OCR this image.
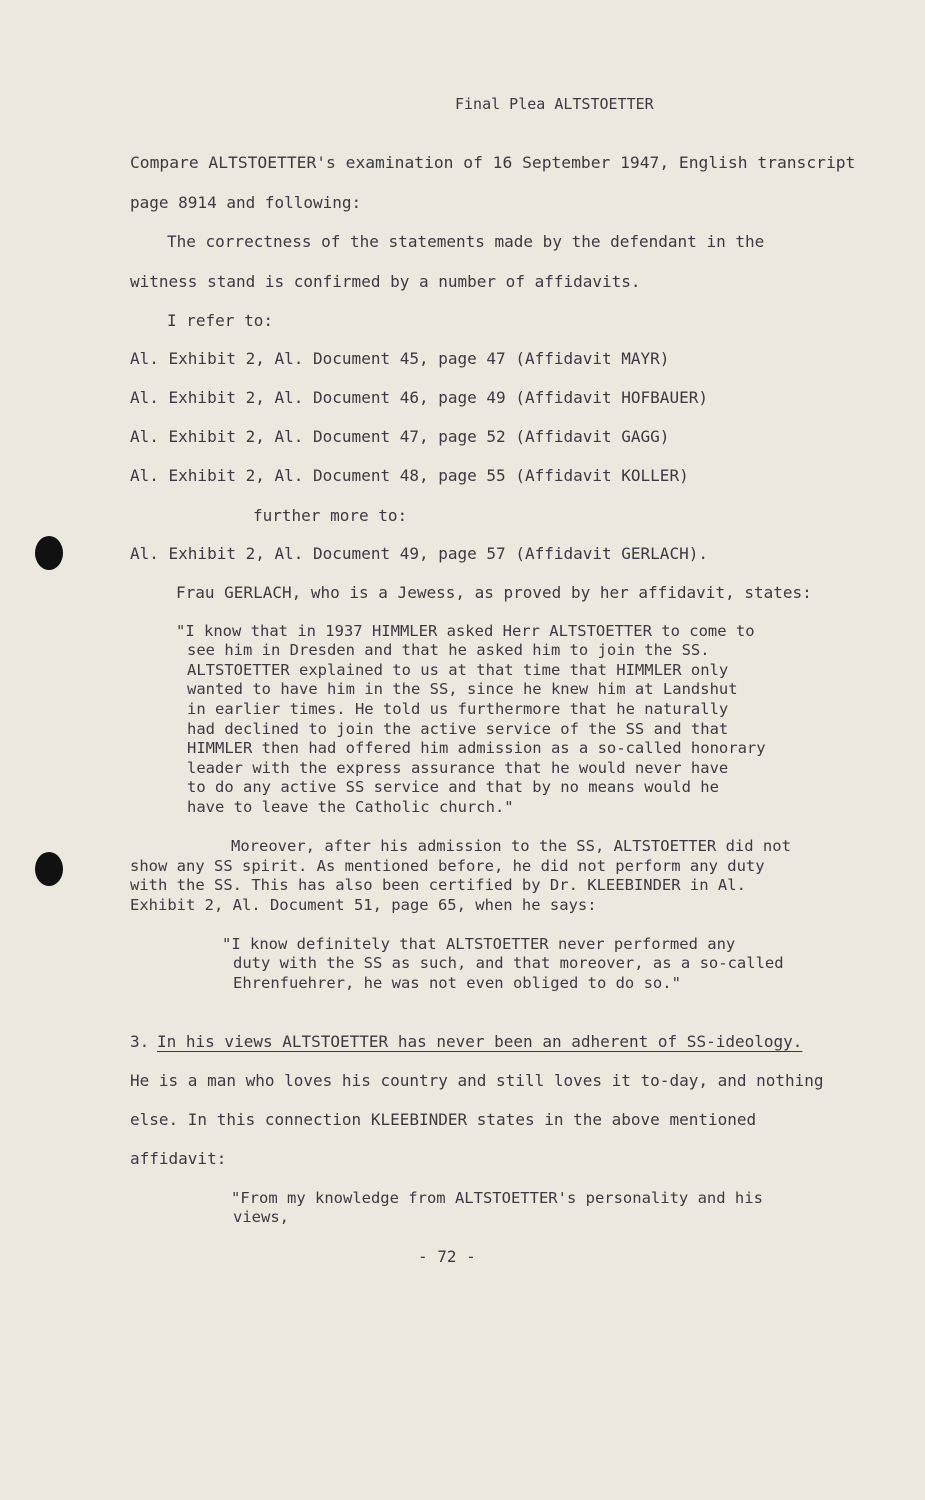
Final Plea ALTSTOETTER
Compare ALTSTOETTER's examination of 16 September 1947, English transcript
page 8914 and following:
The correctness of the statements made by the defendant in the
witness stand is confirmed by a number of affidavits.
I refer to:
Al. Exhibit 2, Al. Document 45, page 47 (Affidavit MAYR)
Al. Exhibit 2, Al. Document 46, page 49 (Affidavit HOFBAUER)
Al. Exhibit 2, Al. Document 47, page 52 (Affidavit GAGG)
Al. Exhibit 2, Al. Document 48, page 55 (Affidavit KOLLER)
further more to:
Al. Exhibit 2, Al. Document 49, page 57 (Affidavit GERLACH).
Frau GERLACH, who is a Jewess, as proved by her affidavit, states:
"I know that in 1937 HIMMLER asked Herr ALTSTOETTER to come to
see him in Dresden and that he asked him to join the SS.
ALTSTOETTER explained to us at that time that HIMMLER only
wanted to have him in the SS, since he knew him at Landshut
in earlier times. He told us furthermore that he naturally
had declined to join the active service of the SS and that
HIMMLER then had offered him admission as a so-called honorary
leader with the express assurance that he would never have
to do any active SS service and that by no means would he
have to leave the Catholic church."
Moreover, after his admission to the SS, ALTSTOETTER did not
show any SS spirit. As mentioned before, he did not perform any duty
with the SS. This has also been certified by Dr. KLEEBINDER in Al.
Exhibit 2, Al. Document 51, page 65, when he says:
"I know definitely that ALTSTOETTER never performed any
duty with the SS as such, and that moreover, as a so-called
Ehrenfuehrer, he was not even obliged to do so."
3. In his views ALTSTOETTER has never been an adherent of SS-ideology.
He is a man who loves his country and still loves it to-day, and nothing
else. In this connection KLEEBINDER states in the above mentioned
affidavit:
"From my knowledge from ALTSTOETTER's personality and his
views,
- 72 -
